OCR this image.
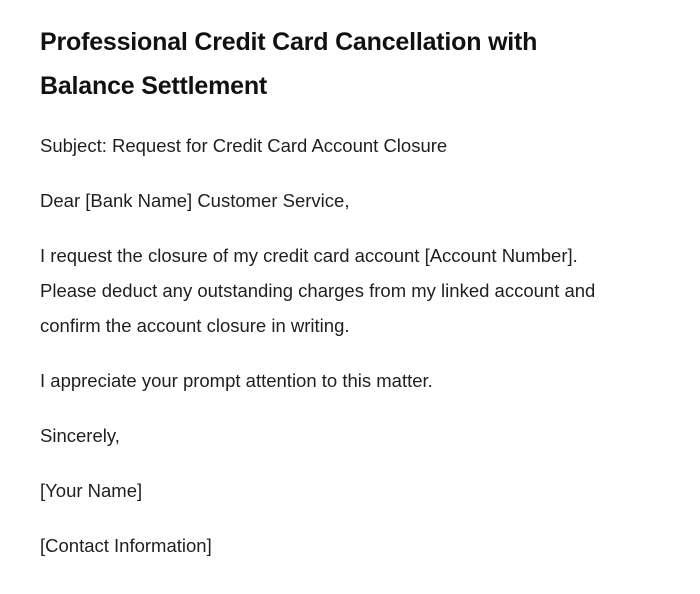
Professional Credit Card Cancellation with Balance Settlement

Subject: Request for Credit Card Account Closure

Dear [Bank Name] Customer Service,

I request the closure of my credit card account [Account Number]. Please deduct any outstanding charges from my linked account and confirm the account closure in writing.

I appreciate your prompt attention to this matter.

Sincerely,

[Your Name]

[Contact Information]
